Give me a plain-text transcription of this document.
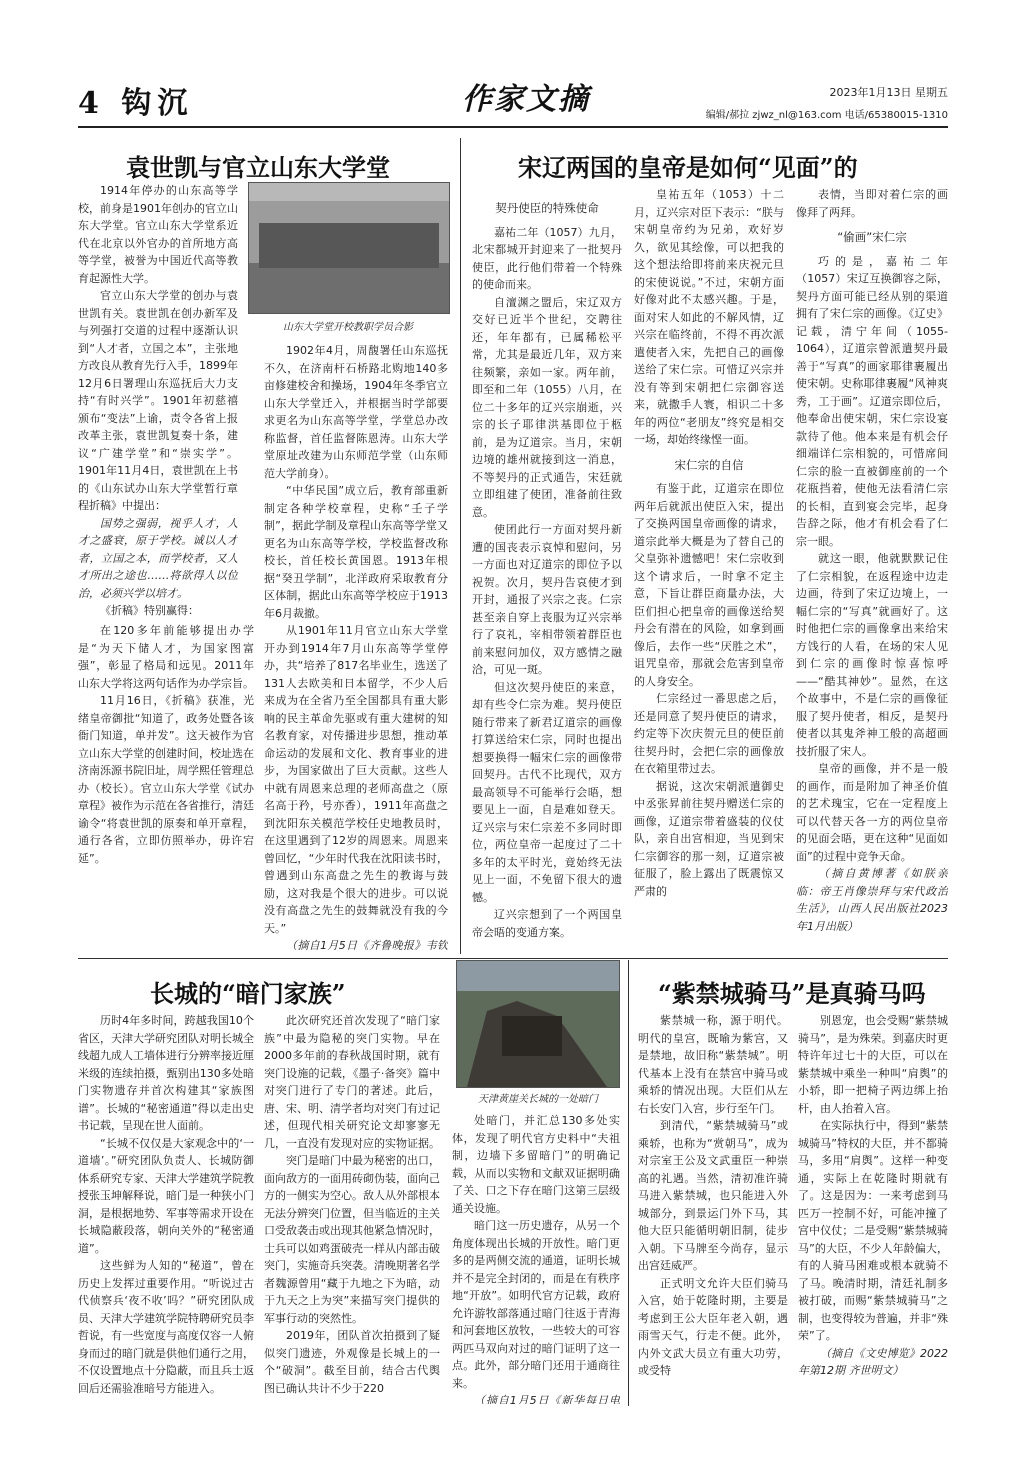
4 钩沉	作家文摘	2023年1月13日 星期五
编辑/郝拉 zjwz_nl@163.com 电话/65380015-1310
袁世凯与官立山东大学堂

1914年停办的山东高等学校，前身是1901年创办的官立山东大学堂。官立山东大学堂系近代在北京以外官办的首所地方高等学堂，被誉为中国近代高等教育起源性大学。

官立山东大学堂的创办与袁世凯有关。袁世凯在创办新军及与列强打交道的过程中逐渐认识到“人才者，立国之本”，主张地方改良从教育先行入手，1899年12月6日署理山东巡抚后大力支持“有时兴学”。1901年初慈禧颁布“变法”上谕，责令各省上报改革主张，袁世凯复奏十条，建议“广建学堂”和“崇实学”。1901年11月4日，袁世凯在上书的《山东试办山东大学堂暂行章程折稿》中提出：

国势之强弱，视乎人才，人才之盛衰，原于学校。诚以人才者，立国之本，而学校者，又人才所出之途也……将欲得人以位治，必须兴学以培才。

《折稿》特别赢得：

在120多年前能够提出办学是“为天下储人才，为国家图富强”，彰显了格局和远见。2011年山东大学将这两句话作为办学宗旨。

11月16日，《折稿》获准，光绪皇帝御批“知道了，政务处暨各该衙门知道，单并发”。这天被作为官立山东大学堂的创建时间，校址选在济南泺源书院旧址，周学熙任管理总办（校长）。官立山东大学堂《试办章程》被作为示范在各省推行，清廷谕令“将袁世凯的原奏和单开章程，通行各省，立即仿照举办，毋许宕延”。

山东大学堂开校教职学员合影

1902年4月，周馥署任山东巡抚不久，在济南杆石桥路北购地140多亩修建校舍和操场，1904年冬季官立山东大学堂迁入，并根据当时学部要求更名为山东高等学堂，学堂总办改称监督，首任监督陈恩涛。山东大学堂原址改建为山东师范学堂（山东师范大学前身）。

“中华民国”成立后，教育部重新制定各种学校章程，史称“壬子学制”，据此学制及章程山东高等学堂又更名为山东高等学校，学校监督改称校长，首任校长黄国恩。1913年根据“癸丑学制”，北洋政府采取教育分区体制，据此山东高等学校应于1913年6月裁撤。

从1901年11月官立山东大学堂开办到1914年7月山东高等学堂停办，共“培养了817名毕业生，选送了131人去欧美和日本留学，不少人后来成为在全省乃至全国都具有重大影响的民主革命先驱或有重大建树的知名教育家，对传播进步思想，推动革命运动的发展和文化、教育事业的进步，为国家做出了巨大贡献。这些人中就有周恩来总理的老师高盘之（原名高于矜，号亦香），1911年高盘之到沈阳东关模范学校任史地教员时，在这里遇到了12岁的周恩来。周恩来曾回忆，“少年时代我在沈阳读书时，曾遇到山东高盘之先生的教诲与鼓励，这对我是个很大的进步。可以说没有高盘之先生的鼓舞就没有我的今天。”

（摘自1月5日《齐鲁晚报》韦钦

宋辽两国的皇帝是如何“见面”的

契丹使臣的特殊使命

嘉祐二年（1057）九月，北宋都城开封迎来了一批契丹使臣，此行他们带着一个特殊的使命而来。

自澶渊之盟后，宋辽双方交好已近半个世纪，交聘往还，年年都有，已属稀松平常，尤其是最近几年，双方来往频繁，亲如一家。两年前，即至和二年（1055）八月，在位二十多年的辽兴宗崩逝，兴宗的长子耶律洪基即位于柩前，是为辽道宗。当月，宋朝边境的雄州就接到这一消息，不等契丹的正式通告，宋廷就立即组建了使团，准备前往致意。

使团此行一方面对契丹新遭的国丧表示哀悼和慰问，另一方面也对辽道宗的即位予以祝贺。次月，契丹告哀使才到开封，通报了兴宗之丧。仁宗甚至亲自穿上丧服为辽兴宗举行了哀礼，宰相带领着群臣也前来慰问加仪，双方感情之融洽，可见一斑。

但这次契丹使臣的来意，却有些令仁宗为难。契丹使臣随行带来了新君辽道宗的画像打算送给宋仁宗，同时也提出想要换得一幅宋仁宗的画像带回契丹。古代不比现代，双方最高领导不可能举行会晤，想要见上一面，自是难如登天。辽兴宗与宋仁宗差不多同时即位，两位皇帝一起度过了二十多年的太平时光，竟始终无法见上一面，不免留下很大的遗憾。

辽兴宗想到了一个两国皇帝会晤的变通方案。

皇祐五年（1053）十二月，辽兴宗对臣下表示：“朕与宋朝皇帝约为兄弟，欢好岁久，欲见其绘像，可以把我的这个想法给即将前来庆祝元旦的宋使说说。”不过，宋朝方面好像对此不太感兴趣。于是，面对宋人如此的不解风情，辽兴宗在临终前，不得不再次派遣使者入宋，先把自己的画像送给了宋仁宗。可惜辽兴宗并没有等到宋朝把仁宗御容送来，就撒手人寰，相识二十多年的两位“老朋友”终究是相交一场，却始终缘悭一面。

宋仁宗的自信

有鉴于此，辽道宗在即位两年后就派出使臣入宋，提出了交换两国皇帝画像的请求，道宗此举大概是为了替自己的父皇弥补遗憾吧！宋仁宗收到这个请求后，一时拿不定主意，下旨让群臣商量办法，大臣们担心把皇帝的画像送给契丹会有潜在的风险，如拿到画像后，去作一些“厌胜之术”，诅咒皇帝，那就会危害到皇帝的人身安全。

仁宗经过一番思虑之后，还是同意了契丹使臣的请求，约定等下次庆贺元旦的使臣前往契丹时，会把仁宗的画像放在衣箱里带过去。

据说，这次宋朝派遣御史中丞张昇前往契丹赠送仁宗的画像，辽道宗带着盛装的仪仗队，亲自出宫相迎，当见到宋仁宗御容的那一刻，辽道宗被征服了，脸上露出了既震惊又严肃的

表情，当即对着仁宗的画像拜了两拜。

“偷画”宋仁宗

巧的是，嘉祐二年（1057）宋辽互换御容之际，契丹方面可能已经从别的渠道拥有了宋仁宗的画像。《辽史》记载，清宁年间（1055-1064），辽道宗曾派遣契丹最善于“写真”的画家耶律裹履出使宋朝。史称耶律裹履“风神爽秀，工于画”。辽道宗即位后，他奉命出使宋朝，宋仁宗设宴款待了他。他本来是有机会仔细端详仁宗相貌的，可惜席间仁宗的脸一直被御座前的一个花瓶挡着，使他无法看清仁宗的长相，直到宴会完毕，起身告辞之际，他才有机会看了仁宗一眼。

就这一眼，他就默默记住了仁宗相貌，在返程途中边走边画，待到了宋辽边境上，一幅仁宗的“写真”就画好了。这时他把仁宗的画像拿出来给宋方饯行的人看，在场的宋人见到仁宗的画像时惊喜惊呼——“酷其神妙”。显然，在这个故事中，不是仁宗的画像征服了契丹使者，相反，是契丹使者以其鬼斧神工般的高超画技折服了宋人。

皇帝的画像，并不是一般的画作，而是附加了神圣价值的艺术瑰宝，它在一定程度上可以代替天各一方的两位皇帝的见面会晤，更在这种“见面如面”的过程中竞争天命。

（摘自黄博著《如朕亲临：帝王肖像崇拜与宋代政治生活》，山西人民出版社2023年1月出版）

长城的“暗门家族”

历时4年多时间，跨越我国10个省区，天津大学研究团队对明长城全线超九成人工墙体进行分辨率接近厘米级的连续拍摄，甄别出130多处暗门实物遗存并首次构建其“家族图谱”。长城的“秘密通道”得以走出史书记载，呈现在世人面前。

“长城不仅仅是大家观念中的‘一道墙’。”研究团队负责人、长城防御体系研究专家、天津大学建筑学院教授张玉坤解释说，暗门是一种狭小门洞，是根据地势、军事等需求开设在长城隐蔽段落，朝向关外的“秘密通道”。

这些鲜为人知的“秘道”，曾在历史上发挥过重要作用。“听说过古代侦察兵‘夜不收’吗？”研究团队成员、天津大学建筑学院特聘研究员李哲说，有一些宽度与高度仅容一人俯身而过的暗门就是供他们通行之用，不仅设置地点十分隐蔽，而且兵士返回后还需验准暗号方能进入。

此次研究还首次发现了“暗门家族”中最为隐秘的突门实物。早在2000多年前的春秋战国时期，就有突门设施的记载，《墨子·备突》篇中对突门进行了专门的著述。此后，唐、宋、明、清学者均对突门有过记述，但现代相关研究论文却寥寥无几，一直没有发现对应的实物证据。

突门是暗门中最为秘密的出口，面向敌方的一面用砖砌伪装，面向己方的一侧实为空心。敌人从外部根本无法分辨突门位置，但当临近的主关口受敌袭击或出现其他紧急情况时，士兵可以如鸡蛋破壳一样从内部击破突门，实施奇兵突袭。清晚期著名学者魏源曾用“藏于九地之下为暗，动于九天之上为突”来描写突门提供的军事行动的突然性。

2019年，团队首次拍摄到了疑似突门遗迹，外观像是长城上的一个“破洞”。截至目前，结合古代舆图已确认共计不少于220

天津黄崖关长城的一处暗门

处暗门，并汇总130多处实体，发现了明代官方史料中“夫祖制，边墙下多留暗门”的明确记载，从而以实物和文献双证据明确了关、口之下存在暗门这第三层级通关设施。

暗门这一历史遗存，从另一个角度体现出长城的开放性。暗门更多的是两侧交流的通道，证明长城并不是完全封闭的，而是在有秩序地“开放”。如明代官方记载，政府允许游牧部落通过暗门往返于青海和河套地区放牧，一些较大的可容两匹马双向对过的暗门证明了这一点。此外，部分暗门还用于通商往来。

（摘自1月5日《新华每日电

“紫禁城骑马”是真骑马吗

紫禁城一称，源于明代。明代的皇宫，既喻为紫宫，又是禁地，故旧称“紫禁城”。明代基本上没有在禁宫中骑马或乘轿的情况出现。大臣们从左右长安门入宫，步行至午门。

到清代，“紫禁城骑马”或乘轿，也称为“赏朝马”，成为对宗室王公及文武重臣一种崇高的礼遇。当然，清初准许骑马进入紫禁城，也只能进入外城部分，到景运门外下马，其他大臣只能循明朝旧制，徒步入朝。下马牌至今尚存，显示出宫廷威严。

正式明文允许大臣们骑马入宫，始于乾隆时期，主要是考虑到王公大臣年老入朝，遇雨雪天气，行走不便。此外，内外文武大员立有重大功劳，或受特

别恩宠，也会受赐“紫禁城骑马”，是为殊荣。到嘉庆时更特许年过七十的大臣，可以在紫禁城中乘坐一种叫“肩舆”的小轿，即一把椅子两边绑上抬杆，由人抬着入宫。

在实际执行中，得到“紫禁城骑马”特权的大臣，并不都骑马，多用“肩舆”。这样一种变通，实际上在乾隆时期就有了。这是因为：一来考虑到马匹万一控制不好，可能冲撞了宫中仪仗；二是受赐“紫禁城骑马”的大臣，不少人年龄偏大，有的人骑马困难或根本就骑不了马。晚清时期，清廷礼制多被打破，而赐“紫禁城骑马”之制，也变得较为普遍，并非“殊荣”了。

（摘自《文史博览》2022年第12期 齐世明文）
